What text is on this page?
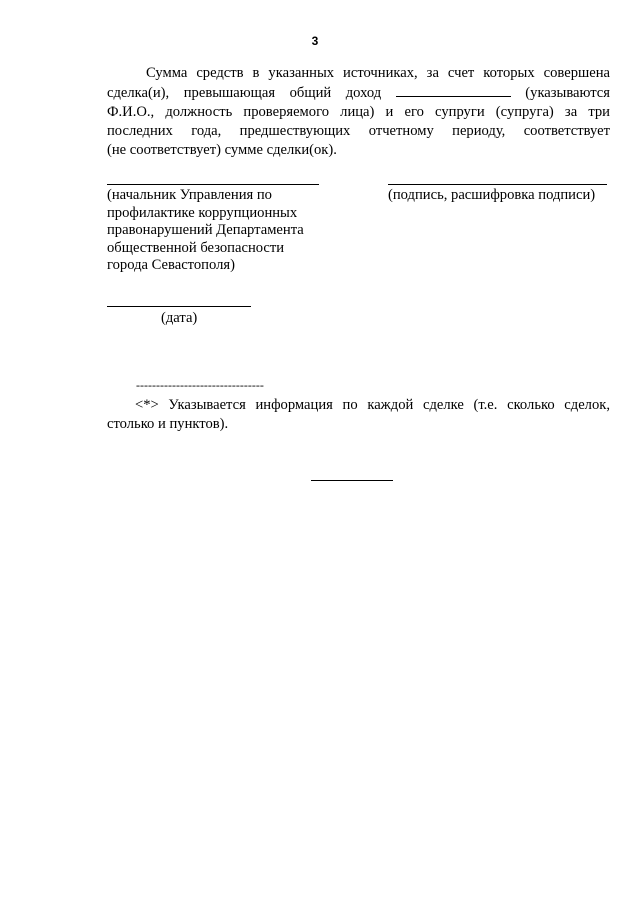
3
Сумма средств в указанных источниках, за счет которых совершена
сделка(и), превышающая общий доход	(указываются
Ф.И.О., должность проверяемого лица) и его супруги (супруга) за три
последних года, предшествующих отчетному периоду, соответствует
(не соответствует) сумме сделки(ок).
(начальник Управления по
профилактике коррупционных
правонарушений Департамента
общественной безопасности
города Севастополя)
(подпись, расшифровка подписи)
(дата)
--------------------------------
<*> Указывается информация по каждой сделке (т.е. сколько сделок,
столько и пунктов).
